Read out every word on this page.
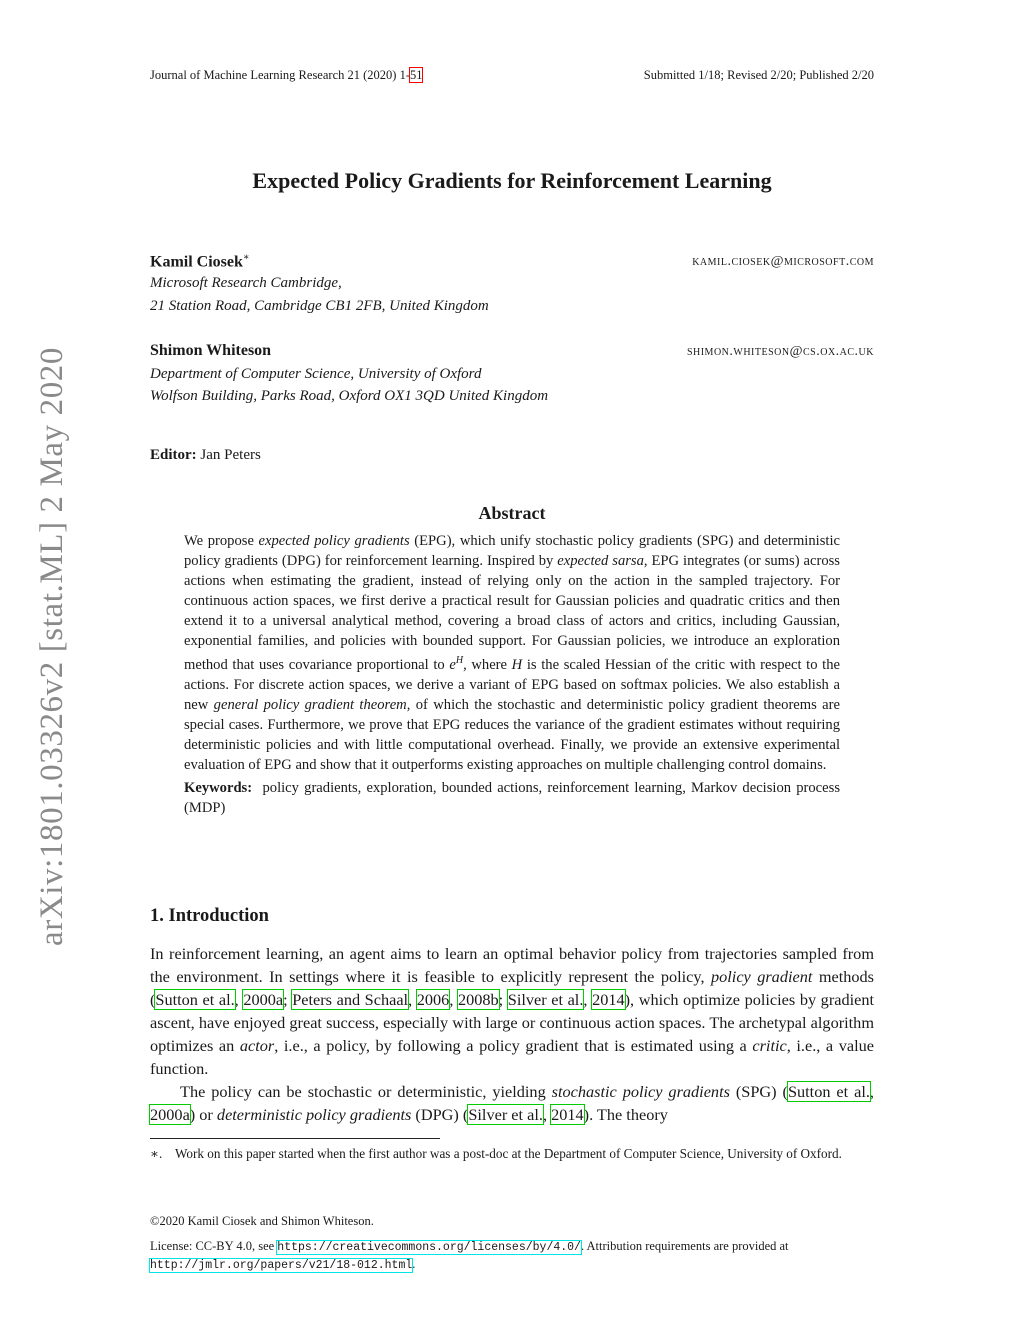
arXiv:1801.03326v2 [stat.ML] 2 May 2020
Journal of Machine Learning Research 21 (2020) 1-51	Submitted 1/18; Revised 2/20; Published 2/20
Expected Policy Gradients for Reinforcement Learning
Kamil Ciosek∗	kamil.ciosek@microsoft.com
Microsoft Research Cambridge,
21 Station Road, Cambridge CB1 2FB, United Kingdom
Shimon Whiteson	shimon.whiteson@cs.ox.ac.uk
Department of Computer Science, University of Oxford
Wolfson Building, Parks Road, Oxford OX1 3QD United Kingdom
Editor: Jan Peters
Abstract
We propose expected policy gradients (EPG), which unify stochastic policy gradients (SPG) and deterministic policy gradients (DPG) for reinforcement learning. Inspired by expected sarsa, EPG integrates (or sums) across actions when estimating the gradient, instead of relying only on the action in the sampled trajectory. For continuous action spaces, we first derive a practical result for Gaussian policies and quadratic critics and then extend it to a universal analytical method, covering a broad class of actors and critics, including Gaussian, exponential families, and policies with bounded support. For Gaussian policies, we introduce an exploration method that uses covariance proportional to $e^H$, where H is the scaled Hessian of the critic with respect to the actions. For discrete action spaces, we derive a variant of EPG based on softmax policies. We also establish a new general policy gradient theorem, of which the stochastic and deterministic policy gradient theorems are special cases. Furthermore, we prove that EPG reduces the variance of the gradient estimates without requiring deterministic policies and with little computational overhead. Finally, we provide an extensive experimental evaluation of EPG and show that it outperforms existing approaches on multiple challenging control domains.
Keywords: policy gradients, exploration, bounded actions, reinforcement learning, Markov decision process (MDP)
1. Introduction
In reinforcement learning, an agent aims to learn an optimal behavior policy from trajectories sampled from the environment. In settings where it is feasible to explicitly represent the policy, policy gradient methods (Sutton et al., 2000a; Peters and Schaal, 2006, 2008b; Silver et al., 2014), which optimize policies by gradient ascent, have enjoyed great success, especially with large or continuous action spaces. The archetypal algorithm optimizes an actor, i.e., a policy, by following a policy gradient that is estimated using a critic, i.e., a value function.
The policy can be stochastic or deterministic, yielding stochastic policy gradients (SPG) (Sutton et al., 2000a) or deterministic policy gradients (DPG) (Silver et al., 2014). The theory
∗. Work on this paper started when the first author was a post-doc at the Department of Computer Science, University of Oxford.
©2020 Kamil Ciosek and Shimon Whiteson.
License: CC-BY 4.0, see https://creativecommons.org/licenses/by/4.0/. Attribution requirements are provided at http://jmlr.org/papers/v21/18-012.html.
